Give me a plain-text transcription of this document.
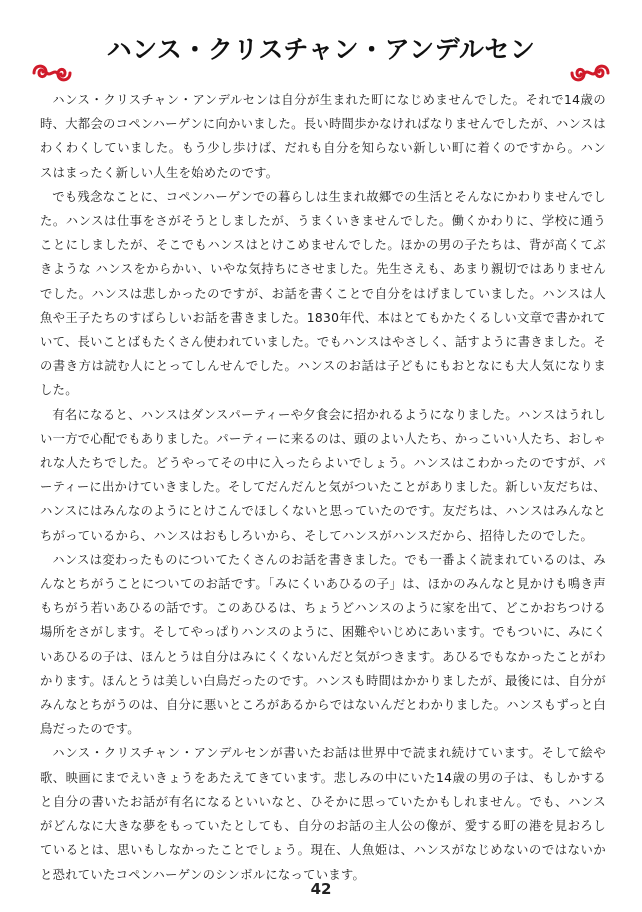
ハンス・クリスチャン・アンデルセン

ハンス・クリスチャン・アンデルセンは自分が生まれた町になじめませんでした。それで14歳の時、大都会のコペンハーゲンに向かいました。長い時間歩かなければなりませんでしたが、ハンスはわくわくしていました。もう少し歩けば、だれも自分を知らない新しい町に着くのですから。ハンスはまったく新しい人生を始めたのです。

でも残念なことに、コペンハーゲンでの暮らしは生まれ故郷での生活とそんなにかわりませんでした。ハンスは仕事をさがそうとしましたが、うまくいきませんでした。働くかわりに、学校に通うことにしましたが、そこでもハンスはとけこめませんでした。ほかの男の子たちは、背が高くてぶきような ハンスをからかい、いやな気持ちにさせました。先生さえも、あまり親切ではありませんでした。ハンスは悲しかったのですが、お話を書くことで自分をはげましていました。ハンスは人魚や王子たちのすばらしいお話を書きました。1830年代、本はとてもかたくるしい文章で書かれていて、長いことばもたくさん使われていました。でもハンスはやさしく、話すように書きました。その書き方は読む人にとってしんせんでした。ハンスのお話は子どもにもおとなにも大人気になりました。

有名になると、ハンスはダンスパーティーや夕食会に招かれるようになりました。ハンスはうれしい一方で心配でもありました。パーティーに来るのは、頭のよい人たち、かっこいい人たち、おしゃれな人たちでした。どうやってその中に入ったらよいでしょう。ハンスはこわかったのですが、パーティーに出かけていきました。そしてだんだんと気がついたことがありました。新しい友だちは、ハンスにはみんなのようにとけこんでほしくないと思っていたのです。友だちは、ハンスはみんなとちがっているから、ハンスはおもしろいから、そしてハンスがハンスだから、招待したのでした。

ハンスは変わったものについてたくさんのお話を書きました。でも一番よく読まれているのは、みんなとちがうことについてのお話です。「みにくいあひるの子」は、ほかのみんなと見かけも鳴き声もちがう若いあひるの話です。このあひるは、ちょうどハンスのように家を出て、どこかおちつける場所をさがします。そしてやっぱりハンスのように、困難やいじめにあいます。でもついに、みにくいあひるの子は、ほんとうは自分はみにくくないんだと気がつきます。あひるでもなかったことがわかります。ほんとうは美しい白鳥だったのです。ハンスも時間はかかりましたが、最後には、自分がみんなとちがうのは、自分に悪いところがあるからではないんだとわかりました。ハンスもずっと白鳥だったのです。

ハンス・クリスチャン・アンデルセンが書いたお話は世界中で読まれ続けています。そして絵や歌、映画にまでえいきょうをあたえてきています。悲しみの中にいた14歳の男の子は、もしかすると自分の書いたお話が有名になるといいなと、ひそかに思っていたかもしれません。でも、ハンスがどんなに大きな夢をもっていたとしても、自分のお話の主人公の像が、愛する町の港を見おろしているとは、思いもしなかったことでしょう。現在、人魚姫は、ハンスがなじめないのではないかと恐れていたコペンハーゲンのシンボルになっています。

42
